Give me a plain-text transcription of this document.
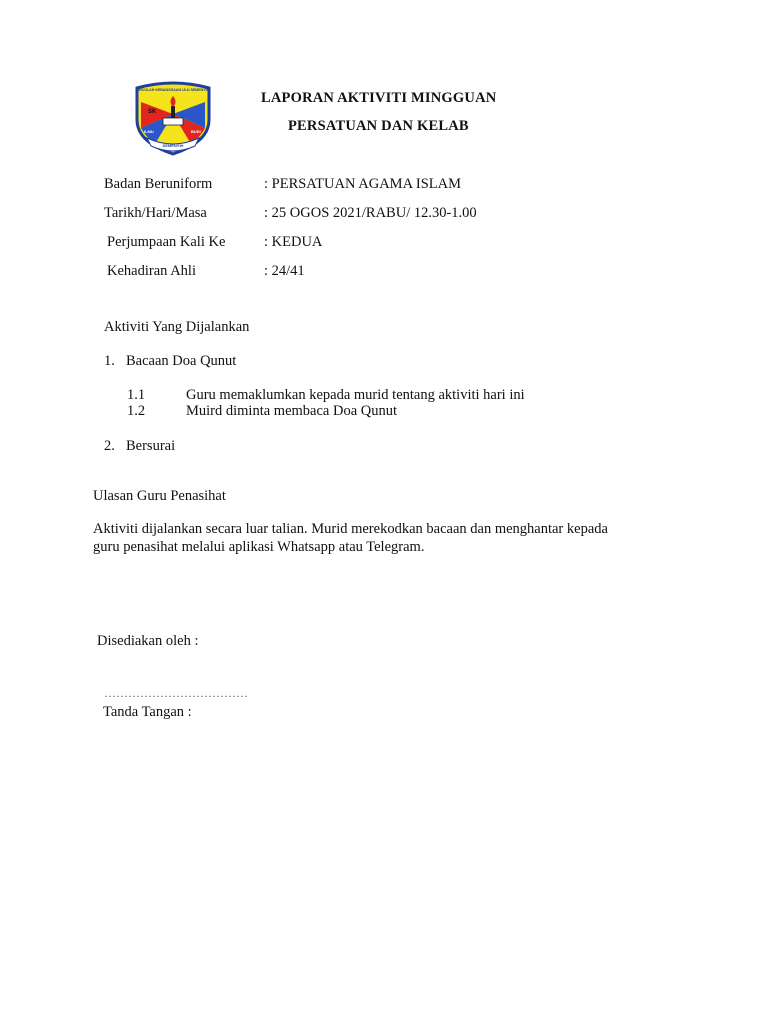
SEKOLAH KEBANGSAAN ULU SEMENYIH
SK
ILMU	BUDI
SEMENYIH
LAPORAN AKTIVITI MINGGUAN
PERSATUAN DAN KELAB
Badan Beruniform	: PERSATUAN AGAMA ISLAM
Tarikh/Hari/Masa	: 25 OGOS 2021/RABU/ 12.30-1.00
Perjumpaan Kali Ke	: KEDUA
Kehadiran Ahli	: 24/41
Aktiviti Yang Dijalankan
1. Bacaan Doa Qunut
1.1	Guru memaklumkan kepada murid tentang aktiviti hari ini
1.2	Muird diminta membaca Doa Qunut
2. Bersurai
Ulasan Guru Penasihat
Aktiviti dijalankan secara luar talian. Murid merekodkan bacaan dan menghantar kepada
guru penasihat melalui aplikasi Whatsapp atau Telegram.
Disediakan oleh :
………………………………
Tanda Tangan :
